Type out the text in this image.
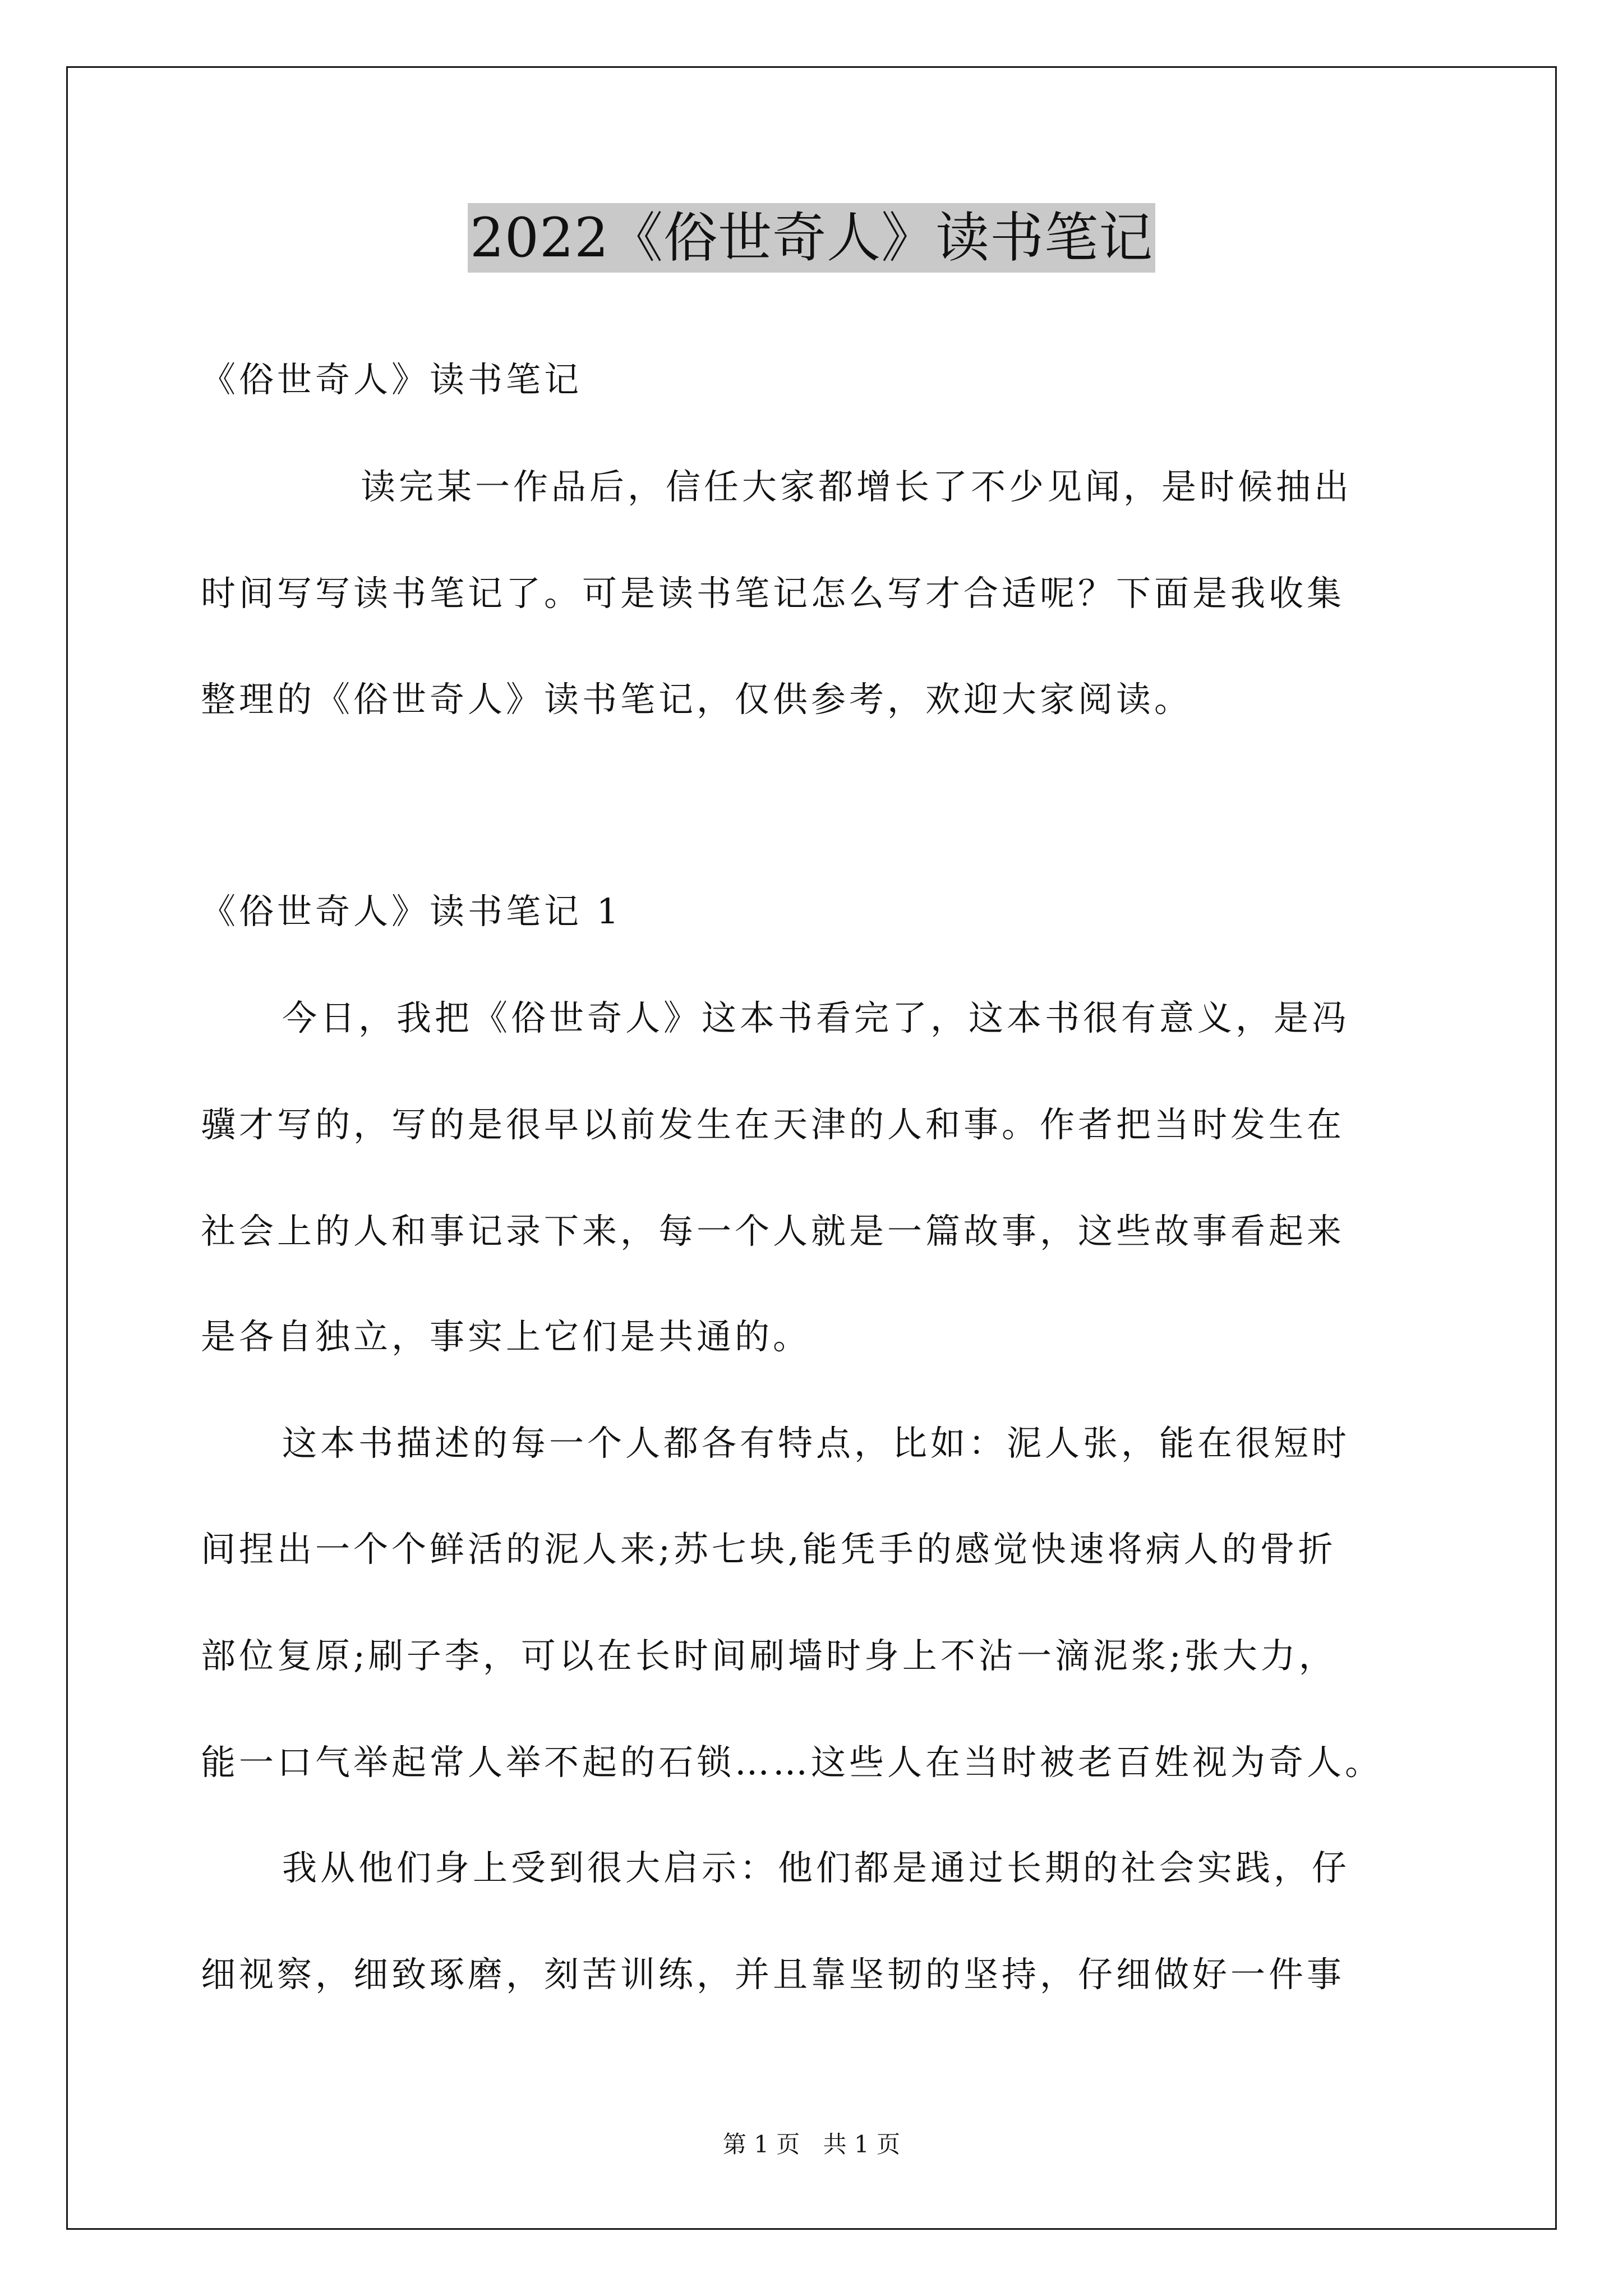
2022《俗世奇人》读书笔记
《俗世奇人》读书笔记
读完某一作品后，信任大家都增长了不少见闻，是时候抽出
时间写写读书笔记了。可是读书笔记怎么写才合适呢？下面是我收集
整理的《俗世奇人》读书笔记，仅供参考，欢迎大家阅读。
《俗世奇人》读书笔记 1
今日，我把《俗世奇人》这本书看完了，这本书很有意义，是冯
骥才写的，写的是很早以前发生在天津的人和事。作者把当时发生在
社会上的人和事记录下来，每一个人就是一篇故事，这些故事看起来
是各自独立，事实上它们是共通的。
这本书描述的每一个人都各有特点，比如：泥人张，能在很短时
间捏出一个个鲜活的泥人来;苏七块,能凭手的感觉快速将病人的骨折
部位复原;刷子李，可以在长时间刷墙时身上不沾一滴泥浆;张大力，
能一口气举起常人举不起的石锁……这些人在当时被老百姓视为奇人。
我从他们身上受到很大启示：他们都是通过长期的社会实践，仔
细视察，细致琢磨，刻苦训练，并且靠坚韧的坚持，仔细做好一件事
第 1 页 共 1 页
